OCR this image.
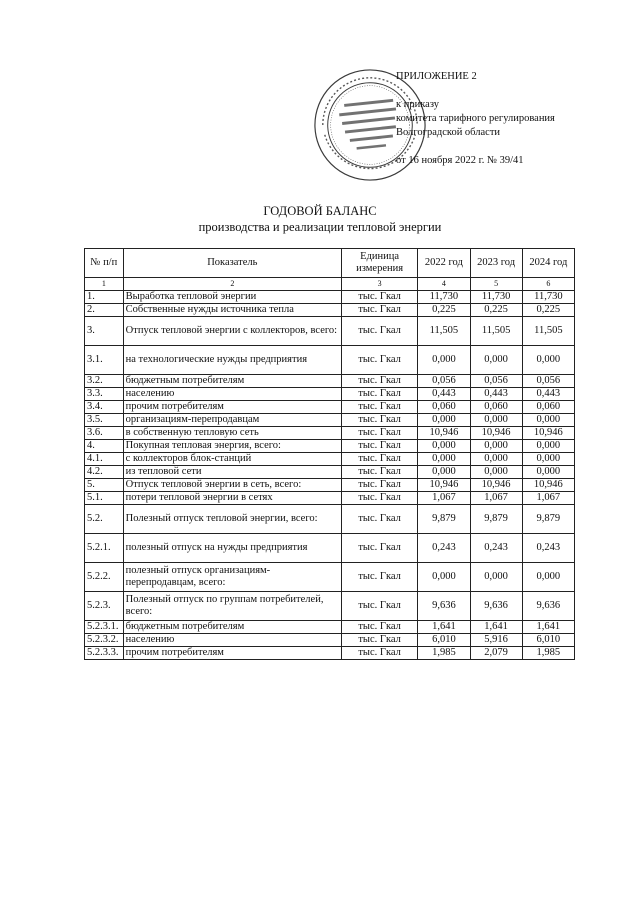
ПРИЛОЖЕНИЕ 2
к приказу
комитета тарифного регулирования
Волгоградской области
от 16 ноября 2022 г. № 39/41
ГОДОВОЙ БАЛАНС
производства и реализации тепловой энергии
№ п/п	Показатель	Единица измерения	2022 год	2023 год	2024 год
1	2	3	4	5	6
1.	Выработка тепловой энергии	тыс. Гкал	11,730	11,730	11,730
2.	Собственные нужды источника тепла	тыс. Гкал	0,225	0,225	0,225
3.	Отпуск тепловой энергии с коллекторов, всего:	тыс. Гкал	11,505	11,505	11,505
3.1.	на технологические нужды предприятия	тыс. Гкал	0,000	0,000	0,000
3.2.	бюджетным потребителям	тыс. Гкал	0,056	0,056	0,056
3.3.	населению	тыс. Гкал	0,443	0,443	0,443
3.4.	прочим потребителям	тыс. Гкал	0,060	0,060	0,060
3.5.	организациям-перепродавцам	тыс. Гкал	0,000	0,000	0,000
3.6.	в собственную тепловую сеть	тыс. Гкал	10,946	10,946	10,946
4.	Покупная тепловая энергия, всего:	тыс. Гкал	0,000	0,000	0,000
4.1.	с коллекторов блок-станций	тыс. Гкал	0,000	0,000	0,000
4.2.	из тепловой сети	тыс. Гкал	0,000	0,000	0,000
5.	Отпуск тепловой энергии в сеть, всего:	тыс. Гкал	10,946	10,946	10,946
5.1.	потери тепловой энергии в сетях	тыс. Гкал	1,067	1,067	1,067
5.2.	Полезный отпуск тепловой энергии, всего:	тыс. Гкал	9,879	9,879	9,879
5.2.1.	полезный отпуск на нужды предприятия	тыс. Гкал	0,243	0,243	0,243
5.2.2.	полезный отпуск организациям-перепродавцам, всего:	тыс. Гкал	0,000	0,000	0,000
5.2.3.	Полезный отпуск по группам потребителей, всего:	тыс. Гкал	9,636	9,636	9,636
5.2.3.1.	бюджетным потребителям	тыс. Гкал	1,641	1,641	1,641
5.2.3.2.	населению	тыс. Гкал	6,010	5,916	6,010
5.2.3.3.	прочим потребителям	тыс. Гкал	1,985	2,079	1,985
